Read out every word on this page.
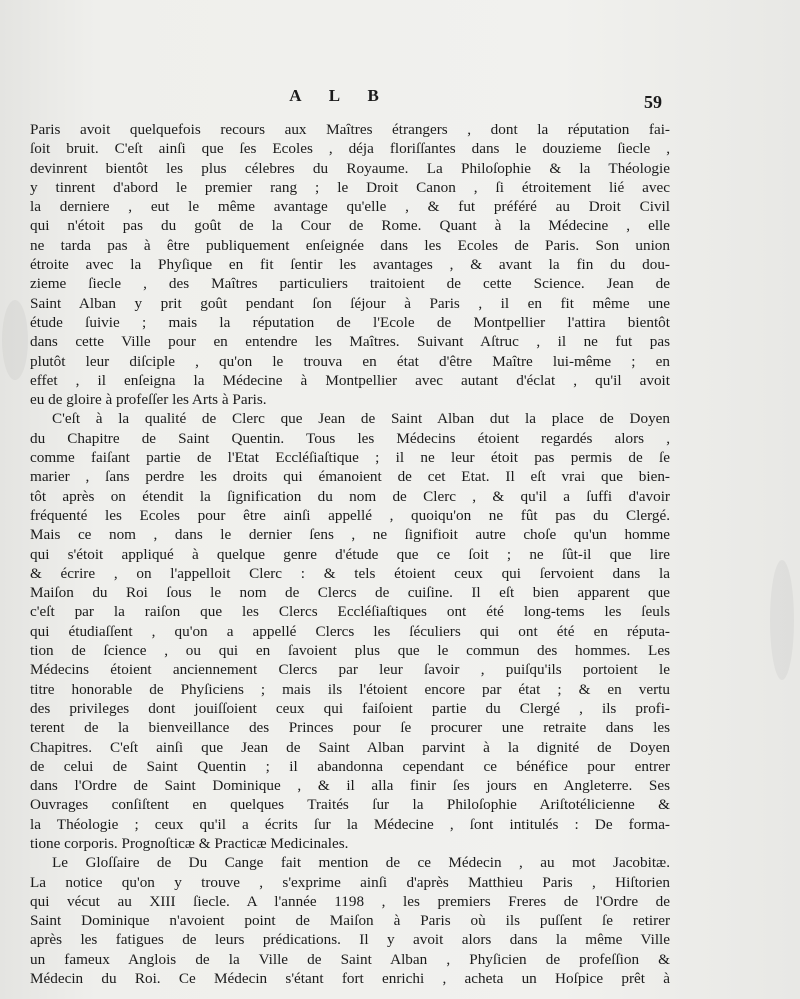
A L B	59
Paris avoit quelquefois recours aux Maîtres étrangers , dont la réputation fai-
ſoit bruit. C'eſt ainſi que ſes Ecoles , déja floriſſantes dans le douzieme ſiecle ,
devinrent bientôt les plus célebres du Royaume. La Philoſophie & la Théologie
y tinrent d'abord le premier rang ; le Droit Canon , ſi étroitement lié avec
la derniere , eut le même avantage qu'elle , & fut préféré au Droit Civil
qui n'étoit pas du goût de la Cour de Rome. Quant à la Médecine , elle
ne tarda pas à être publiquement enſeignée dans les Ecoles de Paris. Son union
étroite avec la Phyſique en fit ſentir les avantages , & avant la fin du dou-
zieme ſiecle , des Maîtres particuliers traitoient de cette Science. Jean de
Saint Alban y prit goût pendant ſon ſéjour à Paris , il en fit même une
étude ſuivie ; mais la réputation de l'Ecole de Montpellier l'attira bientôt
dans cette Ville pour en entendre les Maîtres. Suivant Aſtruc , il ne fut pas
plutôt leur diſciple , qu'on le trouva en état d'être Maître lui-même ; en
effet , il enſeigna la Médecine à Montpellier avec autant d'éclat , qu'il avoit
eu de gloire à profeſſer les Arts à Paris.
C'eſt à la qualité de Clerc que Jean de Saint Alban dut la place de Doyen
du Chapitre de Saint Quentin. Tous les Médecins étoient regardés alors ,
comme faiſant partie de l'Etat Eccléſiaſtique ; il ne leur étoit pas permis de ſe
marier , ſans perdre les droits qui émanoient de cet Etat. Il eſt vrai que bien-
tôt après on étendit la ſignification du nom de Clerc , & qu'il a ſuffi d'avoir
fréquenté les Ecoles pour être ainſi appellé , quoiqu'on ne fût pas du Clergé.
Mais ce nom , dans le dernier ſens , ne ſignifioit autre choſe qu'un homme
qui s'étoit appliqué à quelque genre d'étude que ce ſoit ; ne ſût-il que lire
& écrire , on l'appelloit Clerc : & tels étoient ceux qui ſervoient dans la
Maiſon du Roi ſous le nom de Clercs de cuiſine. Il eſt bien apparent que
c'eſt par la raiſon que les Clercs Eccléſiaſtiques ont été long-tems les ſeuls
qui étudiaſſent , qu'on a appellé Clercs les ſéculiers qui ont été en réputa-
tion de ſcience , ou qui en ſavoient plus que le commun des hommes. Les
Médecins étoient anciennement Clercs par leur ſavoir , puiſqu'ils portoient le
titre honorable de Phyſiciens ; mais ils l'étoient encore par état ; & en vertu
des privileges dont jouiſſoient ceux qui faiſoient partie du Clergé , ils profi-
terent de la bienveillance des Princes pour ſe procurer une retraite dans les
Chapitres. C'eſt ainſi que Jean de Saint Alban parvint à la dignité de Doyen
de celui de Saint Quentin ; il abandonna cependant ce bénéfice pour entrer
dans l'Ordre de Saint Dominique , & il alla finir ſes jours en Angleterre. Ses
Ouvrages conſiſtent en quelques Traités ſur la Philoſophie Ariſtotélicienne &
la Théologie ; ceux qu'il a écrits ſur la Médecine , ſont intitulés : De forma-
tione corporis. Prognoſticæ & Practicæ Medicinales.
Le Gloſſaire de Du Cange fait mention de ce Médecin , au mot Jacobitæ.
La notice qu'on y trouve , s'exprime ainſi d'après Matthieu Paris , Hiſtorien
qui vécut au XIII ſiecle. A l'année 1198 , les premiers Freres de l'Ordre de
Saint Dominique n'avoient point de Maiſon à Paris où ils puſſent ſe retirer
après les fatigues de leurs prédications. Il y avoit alors dans la même Ville
un fameux Anglois de la Ville de Saint Alban , Phyſicien de profeſſion &
Médecin du Roi. Ce Médecin s'étant fort enrichi , acheta un Hoſpice prêt à
